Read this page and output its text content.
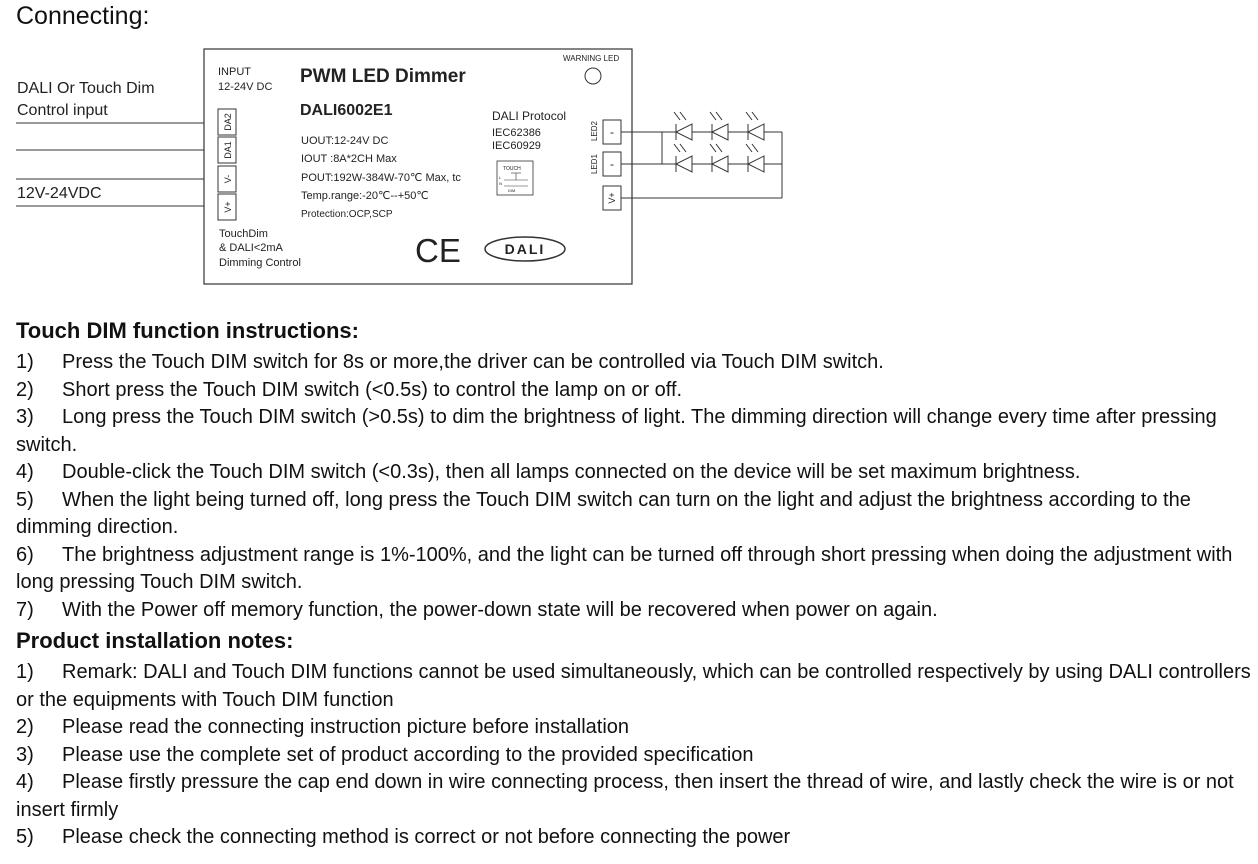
Connecting:
DALI Or Touch Dim
Control input
12V-24VDC
INPUT
12-24V DC PWM LED Dimmer
DALI6002E1
WARNING LED
UOUT:12-24V DC
IOUT :8A*2CH Max
POUT:192W-384W-70℃ Max, tc
Temp.range:-20℃--+50℃
Protection:OCP,SCP
DALI Protocol
IEC62386
IEC60929
TOUCH
L
N
DIM
DA2
DA1
V-
V+
LED2 -
LED1 -
V+
TouchDim
& DALI<2mA
Dimming Control	CE	DALI
Touch DIM function instructions:
1) Press the Touch DIM switch for 8s or more,the driver can be controlled via Touch DIM switch.
2) Short press the Touch DIM switch (<0.5s) to control the lamp on or off.
3) Long press the Touch DIM switch (>0.5s) to dim the brightness of light. The dimming direction will change every time after pressing switch.
4) Double-click the Touch DIM switch (<0.3s), then all lamps connected on the device will be set maximum brightness.
5) When the light being turned off, long press the Touch DIM switch can turn on the light and adjust the brightness according to the dimming direction.
6) The brightness adjustment range is 1%-100%, and the light can be turned off through short pressing when doing the adjustment with long pressing Touch DIM switch.
7) With the Power off memory function, the power-down state will be recovered when power on again.
Product installation notes:
1) Remark: DALI and Touch DIM functions cannot be used simultaneously, which can be controlled respectively by using DALI controllers or the equipments with Touch DIM function
2) Please read the connecting instruction picture before installation
3) Please use the complete set of product according to the provided specification
4) Please firstly pressure the cap end down in wire connecting process, then insert the thread of wire, and lastly check the wire is or not insert firmly
5) Please check the connecting method is correct or not before connecting the power
